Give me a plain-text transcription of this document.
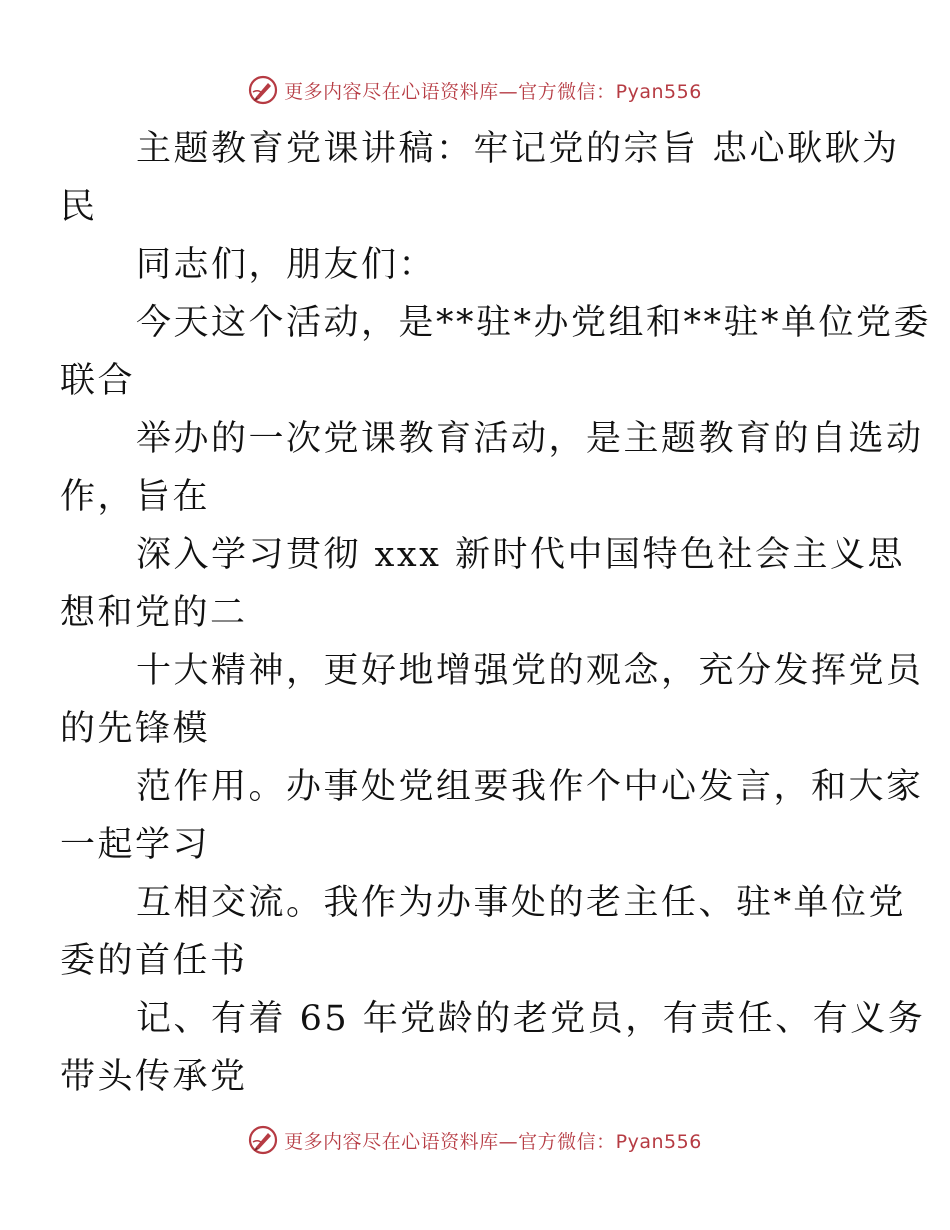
更多内容尽在心语资料库—官方微信：Pyan556

主题教育党课讲稿：牢记党的宗旨 忠心耿耿为
民

同志们，朋友们：

今天这个活动，是**驻*办党组和**驻*单位党委
联合

举办的一次党课教育活动，是主题教育的自选动
作，旨在

深入学习贯彻 xxx 新时代中国特色社会主义思
想和党的二

十大精神，更好地增强党的观念，充分发挥党员
的先锋模

范作用。办事处党组要我作个中心发言，和大家
一起学习

互相交流。我作为办事处的老主任、驻*单位党
委的首任书

记、有着 65 年党龄的老党员，有责任、有义务
带头传承党

更多内容尽在心语资料库—官方微信：Pyan556
